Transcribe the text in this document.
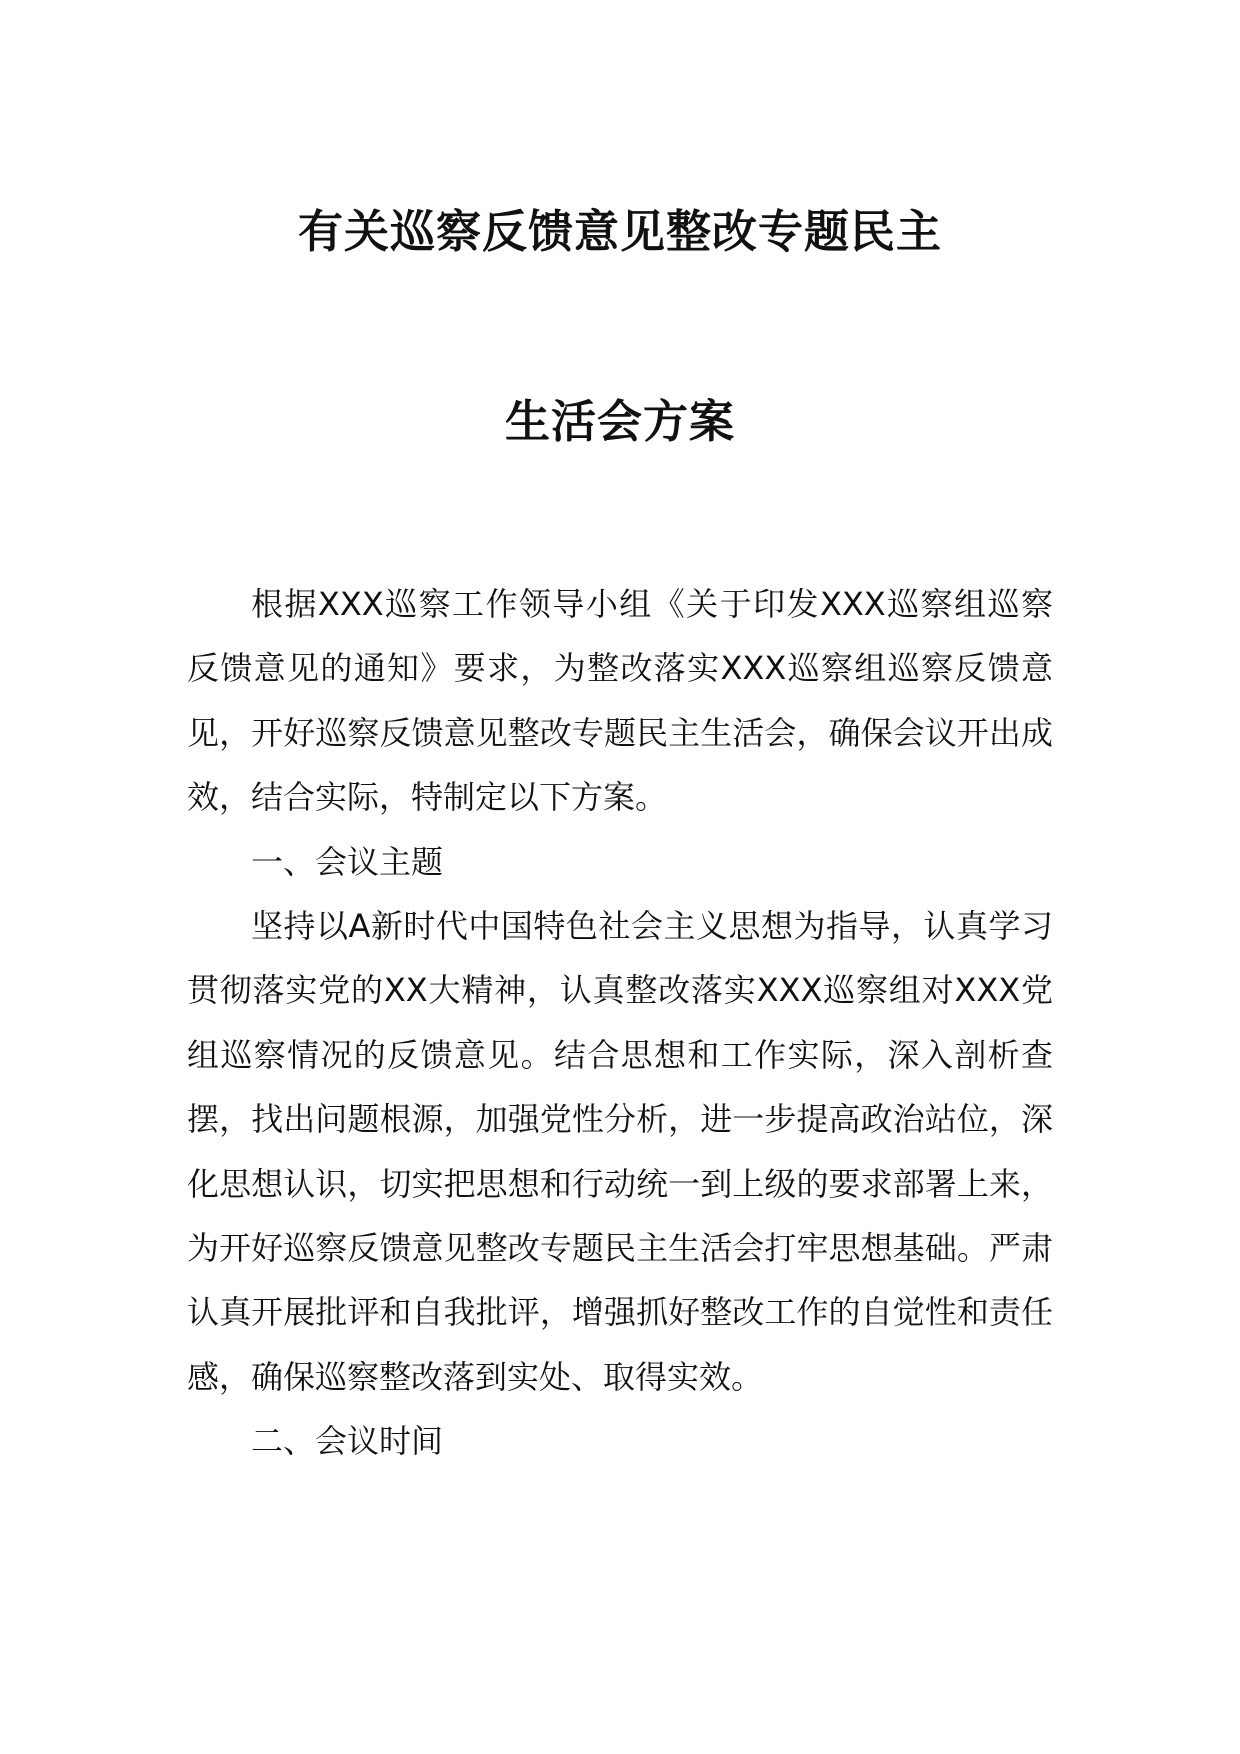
有关巡察反馈意见整改专题民主
生活会方案

根据XXX巡察工作领导小组《关于印发XXX巡察组巡察反馈意见的通知》要求，为整改落实XXX巡察组巡察反馈意见，开好巡察反馈意见整改专题民主生活会，确保会议开出成效，结合实际，特制定以下方案。

一、会议主题

坚持以A新时代中国特色社会主义思想为指导，认真学习贯彻落实党的XX大精神，认真整改落实XXX巡察组对XXX党组巡察情况的反馈意见。结合思想和工作实际，深入剖析查摆，找出问题根源，加强党性分析，进一步提高政治站位，深化思想认识，切实把思想和行动统一到上级的要求部署上来，为开好巡察反馈意见整改专题民主生活会打牢思想基础。严肃认真开展批评和自我批评，增强抓好整改工作的自觉性和责任感，确保巡察整改落到实处、取得实效。

二、会议时间
